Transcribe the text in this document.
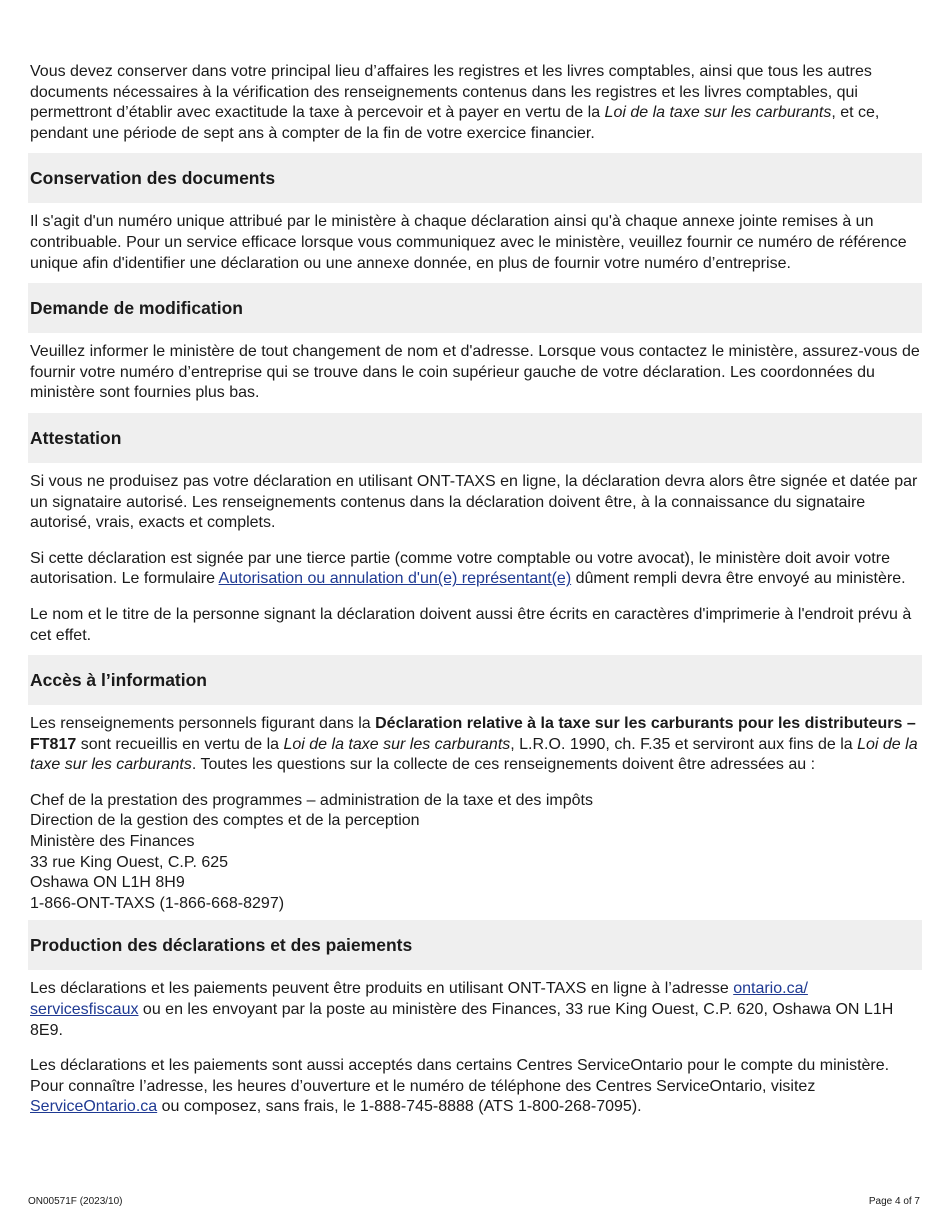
Vous devez conserver dans votre principal lieu d’affaires les registres et les livres comptables, ainsi que tous les autres documents nécessaires à la vérification des renseignements contenus dans les registres et les livres comptables, qui permettront d’établir avec exactitude la taxe à percevoir et à payer en vertu de la Loi de la taxe sur les carburants, et ce, pendant une période de sept ans à compter de la fin de votre exercice financier.

Conservation des documents

Il s'agit d'un numéro unique attribué par le ministère à chaque déclaration ainsi qu'à chaque annexe jointe remises à un contribuable. Pour un service efficace lorsque vous communiquez avec le ministère, veuillez fournir ce numéro de référence unique afin d'identifier une déclaration ou une annexe donnée, en plus de fournir votre numéro d’entreprise.

Demande de modification

Veuillez informer le ministère de tout changement de nom et d'adresse. Lorsque vous contactez le ministère, assurez-vous de fournir votre numéro d’entreprise qui se trouve dans le coin supérieur gauche de votre déclaration. Les coordonnées du ministère sont fournies plus bas.

Attestation

Si vous ne produisez pas votre déclaration en utilisant ONT-TAXS en ligne, la déclaration devra alors être signée et datée par un signataire autorisé. Les renseignements contenus dans la déclaration doivent être, à la connaissance du signataire autorisé, vrais, exacts et complets.

Si cette déclaration est signée par une tierce partie (comme votre comptable ou votre avocat), le ministère doit avoir votre autorisation. Le formulaire Autorisation ou annulation d'un(e) représentant(e) dûment rempli devra être envoyé au ministère.

Le nom et le titre de la personne signant la déclaration doivent aussi être écrits en caractères d'imprimerie à l'endroit prévu à cet effet.

Accès à l’information

Les renseignements personnels figurant dans la Déclaration relative à la taxe sur les carburants pour les distributeurs – FT817 sont recueillis en vertu de la Loi de la taxe sur les carburants, L.R.O. 1990, ch. F.35 et serviront aux fins de la Loi de la taxe sur les carburants. Toutes les questions sur la collecte de ces renseignements doivent être adressées au :

Chef de la prestation des programmes – administration de la taxe et des impôts
Direction de la gestion des comptes et de la perception
Ministère des Finances
33 rue King Ouest, C.P. 625
Oshawa ON L1H 8H9
1-866-ONT-TAXS (1-866-668-8297)
Production des déclarations et des paiements

Les déclarations et les paiements peuvent être produits en utilisant ONT-TAXS en ligne à l’adresse ontario.ca/
servicesfiscaux ou en les envoyant par la poste au ministère des Finances, 33 rue King Ouest, C.P. 620, Oshawa ON L1H 8E9.

Les déclarations et les paiements sont aussi acceptés dans certains Centres ServiceOntario pour le compte du ministère. Pour connaître l’adresse, les heures d’ouverture et le numéro de téléphone des Centres ServiceOntario, visitez ServiceOntario.ca ou composez, sans frais, le 1-888-745-8888 (ATS 1-800-268-7095).

ON00571F (2023/10)	Page 4 of 7
